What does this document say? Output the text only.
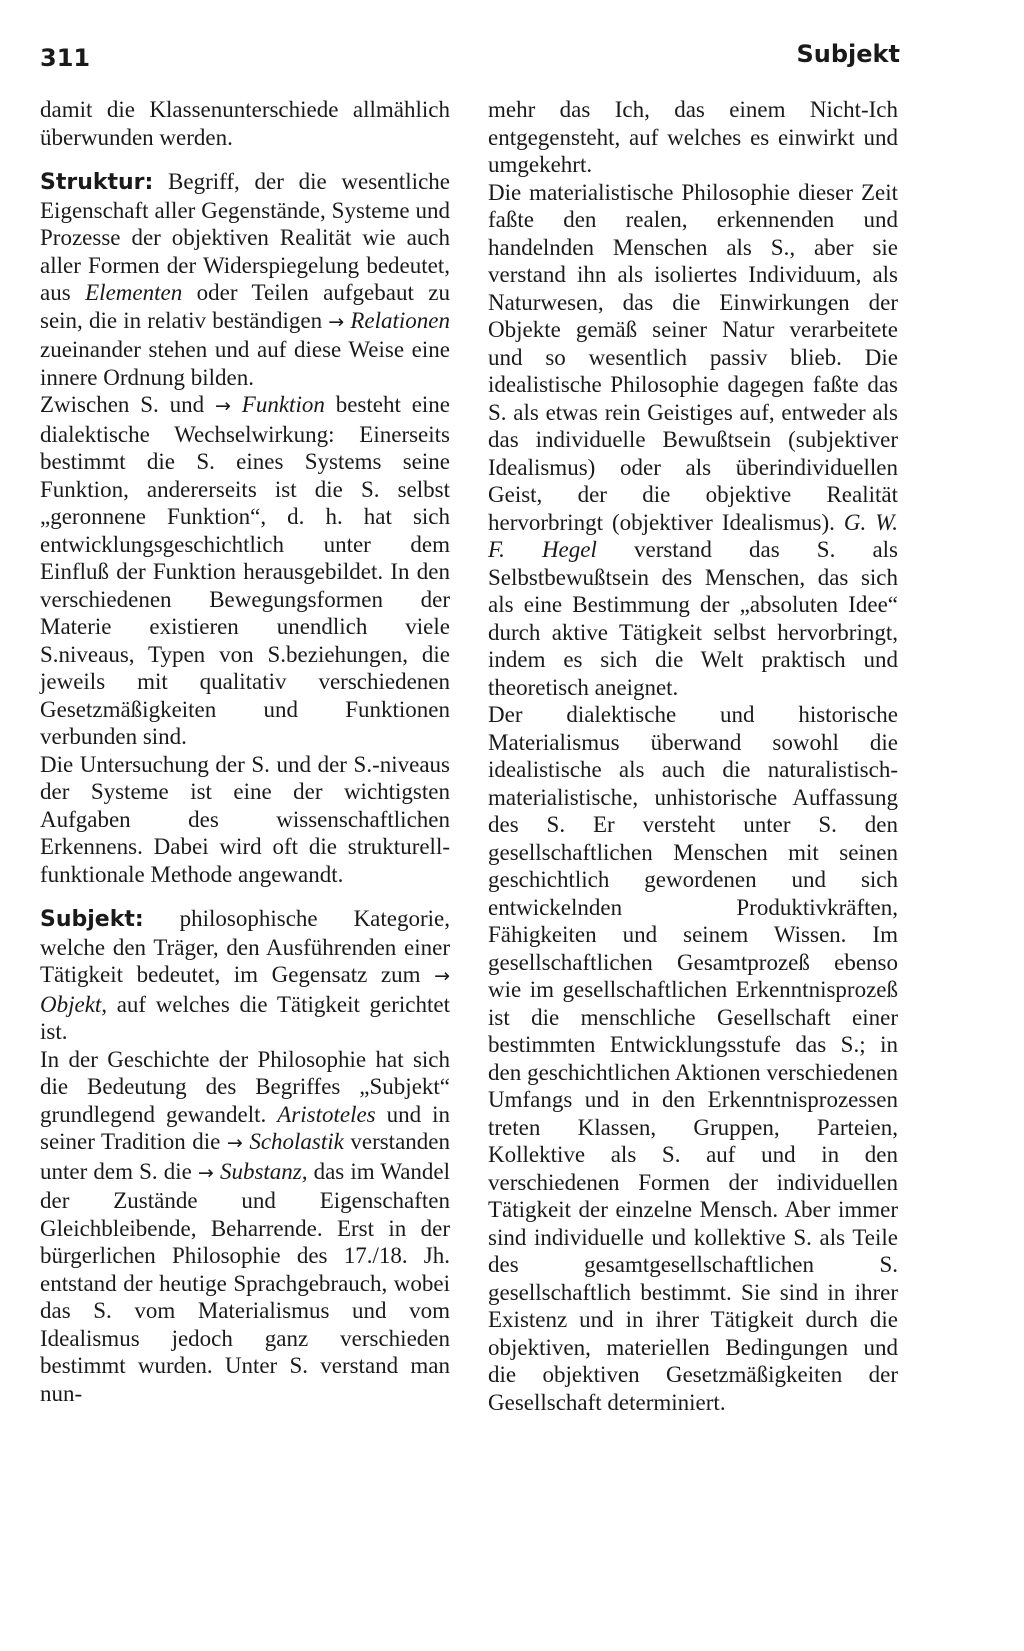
311	Subjekt

damit die Klassenunterschiede allmählich überwunden werden.

Struktur: Begriff, der die wesentliche Eigenschaft aller Gegenstände, Systeme und Prozesse der objektiven Realität wie auch aller Formen der Widerspiegelung bedeutet, aus Elementen oder Teilen aufgebaut zu sein, die in relativ beständigen → Relationen zueinander stehen und auf diese Weise eine innere Ordnung bilden.

Zwischen S. und → Funktion besteht eine dialektische Wechselwirkung: Einerseits bestimmt die S. eines Systems seine Funktion, andererseits ist die S. selbst „geronnene Funktion“, d. h. hat sich entwicklungsgeschichtlich unter dem Einfluß der Funktion herausgebildet. In den verschiedenen Bewegungsformen der Materie existieren unendlich viele S.niveaus, Typen von S.beziehungen, die jeweils mit qualitativ verschiedenen Gesetzmäßigkeiten und Funktionen verbunden sind.

Die Untersuchung der S. und der S.-niveaus der Systeme ist eine der wichtigsten Aufgaben des wissenschaftlichen Erkennens. Dabei wird oft die strukturell-funktionale Methode angewandt.

Subjekt: philosophische Kategorie, welche den Träger, den Ausführenden einer Tätigkeit bedeutet, im Gegensatz zum → Objekt, auf welches die Tätigkeit gerichtet ist.

In der Geschichte der Philosophie hat sich die Bedeutung des Begriffes „Subjekt“ grundlegend gewandelt. Aristoteles und in seiner Tradition die → Scholastik verstanden unter dem S. die → Substanz, das im Wandel der Zustände und Eigenschaften Gleichbleibende, Beharrende. Erst in der bürgerlichen Philosophie des 17./18. Jh. entstand der heutige Sprachgebrauch, wobei das S. vom Materialismus und vom Idealismus jedoch ganz verschieden bestimmt wurden. Unter S. verstand man nun-

mehr das Ich, das einem Nicht-Ich entgegensteht, auf welches es einwirkt und umgekehrt.

Die materialistische Philosophie dieser Zeit faßte den realen, erkennenden und handelnden Menschen als S., aber sie verstand ihn als isoliertes Individuum, als Naturwesen, das die Einwirkungen der Objekte gemäß seiner Natur verarbeitete und so wesentlich passiv blieb. Die idealistische Philosophie dagegen faßte das S. als etwas rein Geistiges auf, entweder als das individuelle Bewußtsein (subjektiver Idealismus) oder als überindividuellen Geist, der die objektive Realität hervorbringt (objektiver Idealismus). G. W. F. Hegel verstand das S. als Selbstbewußtsein des Menschen, das sich als eine Bestimmung der „absoluten Idee“ durch aktive Tätigkeit selbst hervorbringt, indem es sich die Welt praktisch und theoretisch aneignet.

Der dialektische und historische Materialismus überwand sowohl die idealistische als auch die naturalistisch-materialistische, unhistorische Auffassung des S. Er versteht unter S. den gesellschaftlichen Menschen mit seinen geschichtlich gewordenen und sich entwickelnden Produktivkräften, Fähigkeiten und seinem Wissen. Im gesellschaftlichen Gesamtprozeß ebenso wie im gesellschaftlichen Erkenntnisprozeß ist die menschliche Gesellschaft einer bestimmten Entwicklungsstufe das S.; in den geschichtlichen Aktionen verschiedenen Umfangs und in den Erkenntnisprozessen treten Klassen, Gruppen, Parteien, Kollektive als S. auf und in den verschiedenen Formen der individuellen Tätigkeit der einzelne Mensch. Aber immer sind individuelle und kollektive S. als Teile des gesamtgesellschaftlichen S. gesellschaftlich bestimmt. Sie sind in ihrer Existenz und in ihrer Tätigkeit durch die objektiven, materiellen Bedingungen und die objektiven Gesetzmäßigkeiten der Gesellschaft determiniert.
